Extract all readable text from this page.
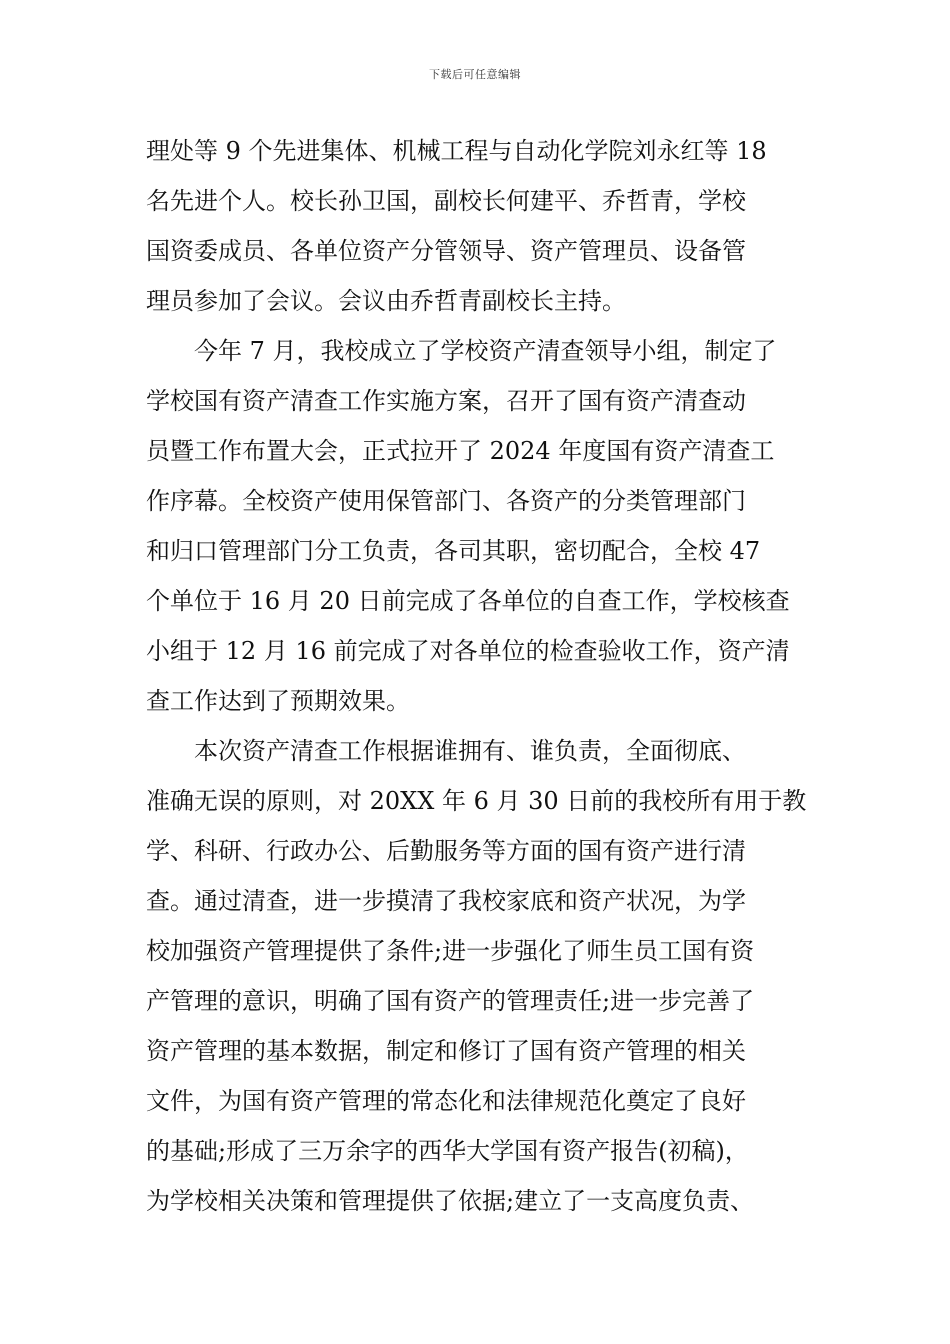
下载后可任意编辑
理处等 9 个先进集体、机械工程与自动化学院刘永红等 18
名先进个人。校长孙卫国，副校长何建平、乔哲青，学校
国资委成员、各单位资产分管领导、资产管理员、设备管
理员参加了会议。会议由乔哲青副校长主持。
　　今年 7 月，我校成立了学校资产清查领导小组，制定了
学校国有资产清查工作实施方案，召开了国有资产清查动
员暨工作布置大会，正式拉开了 2024 年度国有资产清查工
作序幕。全校资产使用保管部门、各资产的分类管理部门
和归口管理部门分工负责，各司其职，密切配合，全校 47
个单位于 16 月 20 日前完成了各单位的自查工作，学校核查
小组于 12 月 16 前完成了对各单位的检查验收工作，资产清
查工作达到了预期效果。
　　本次资产清查工作根据谁拥有、谁负责，全面彻底、
准确无误的原则，对 20XX 年 6 月 30 日前的我校所有用于教
学、科研、行政办公、后勤服务等方面的国有资产进行清
查。通过清查，进一步摸清了我校家底和资产状况，为学
校加强资产管理提供了条件;进一步强化了师生员工国有资
产管理的意识，明确了国有资产的管理责任;进一步完善了
资产管理的基本数据，制定和修订了国有资产管理的相关
文件，为国有资产管理的常态化和法律规范化奠定了良好
的基础;形成了三万余字的西华大学国有资产报告(初稿)，
为学校相关决策和管理提供了依据;建立了一支高度负责、
